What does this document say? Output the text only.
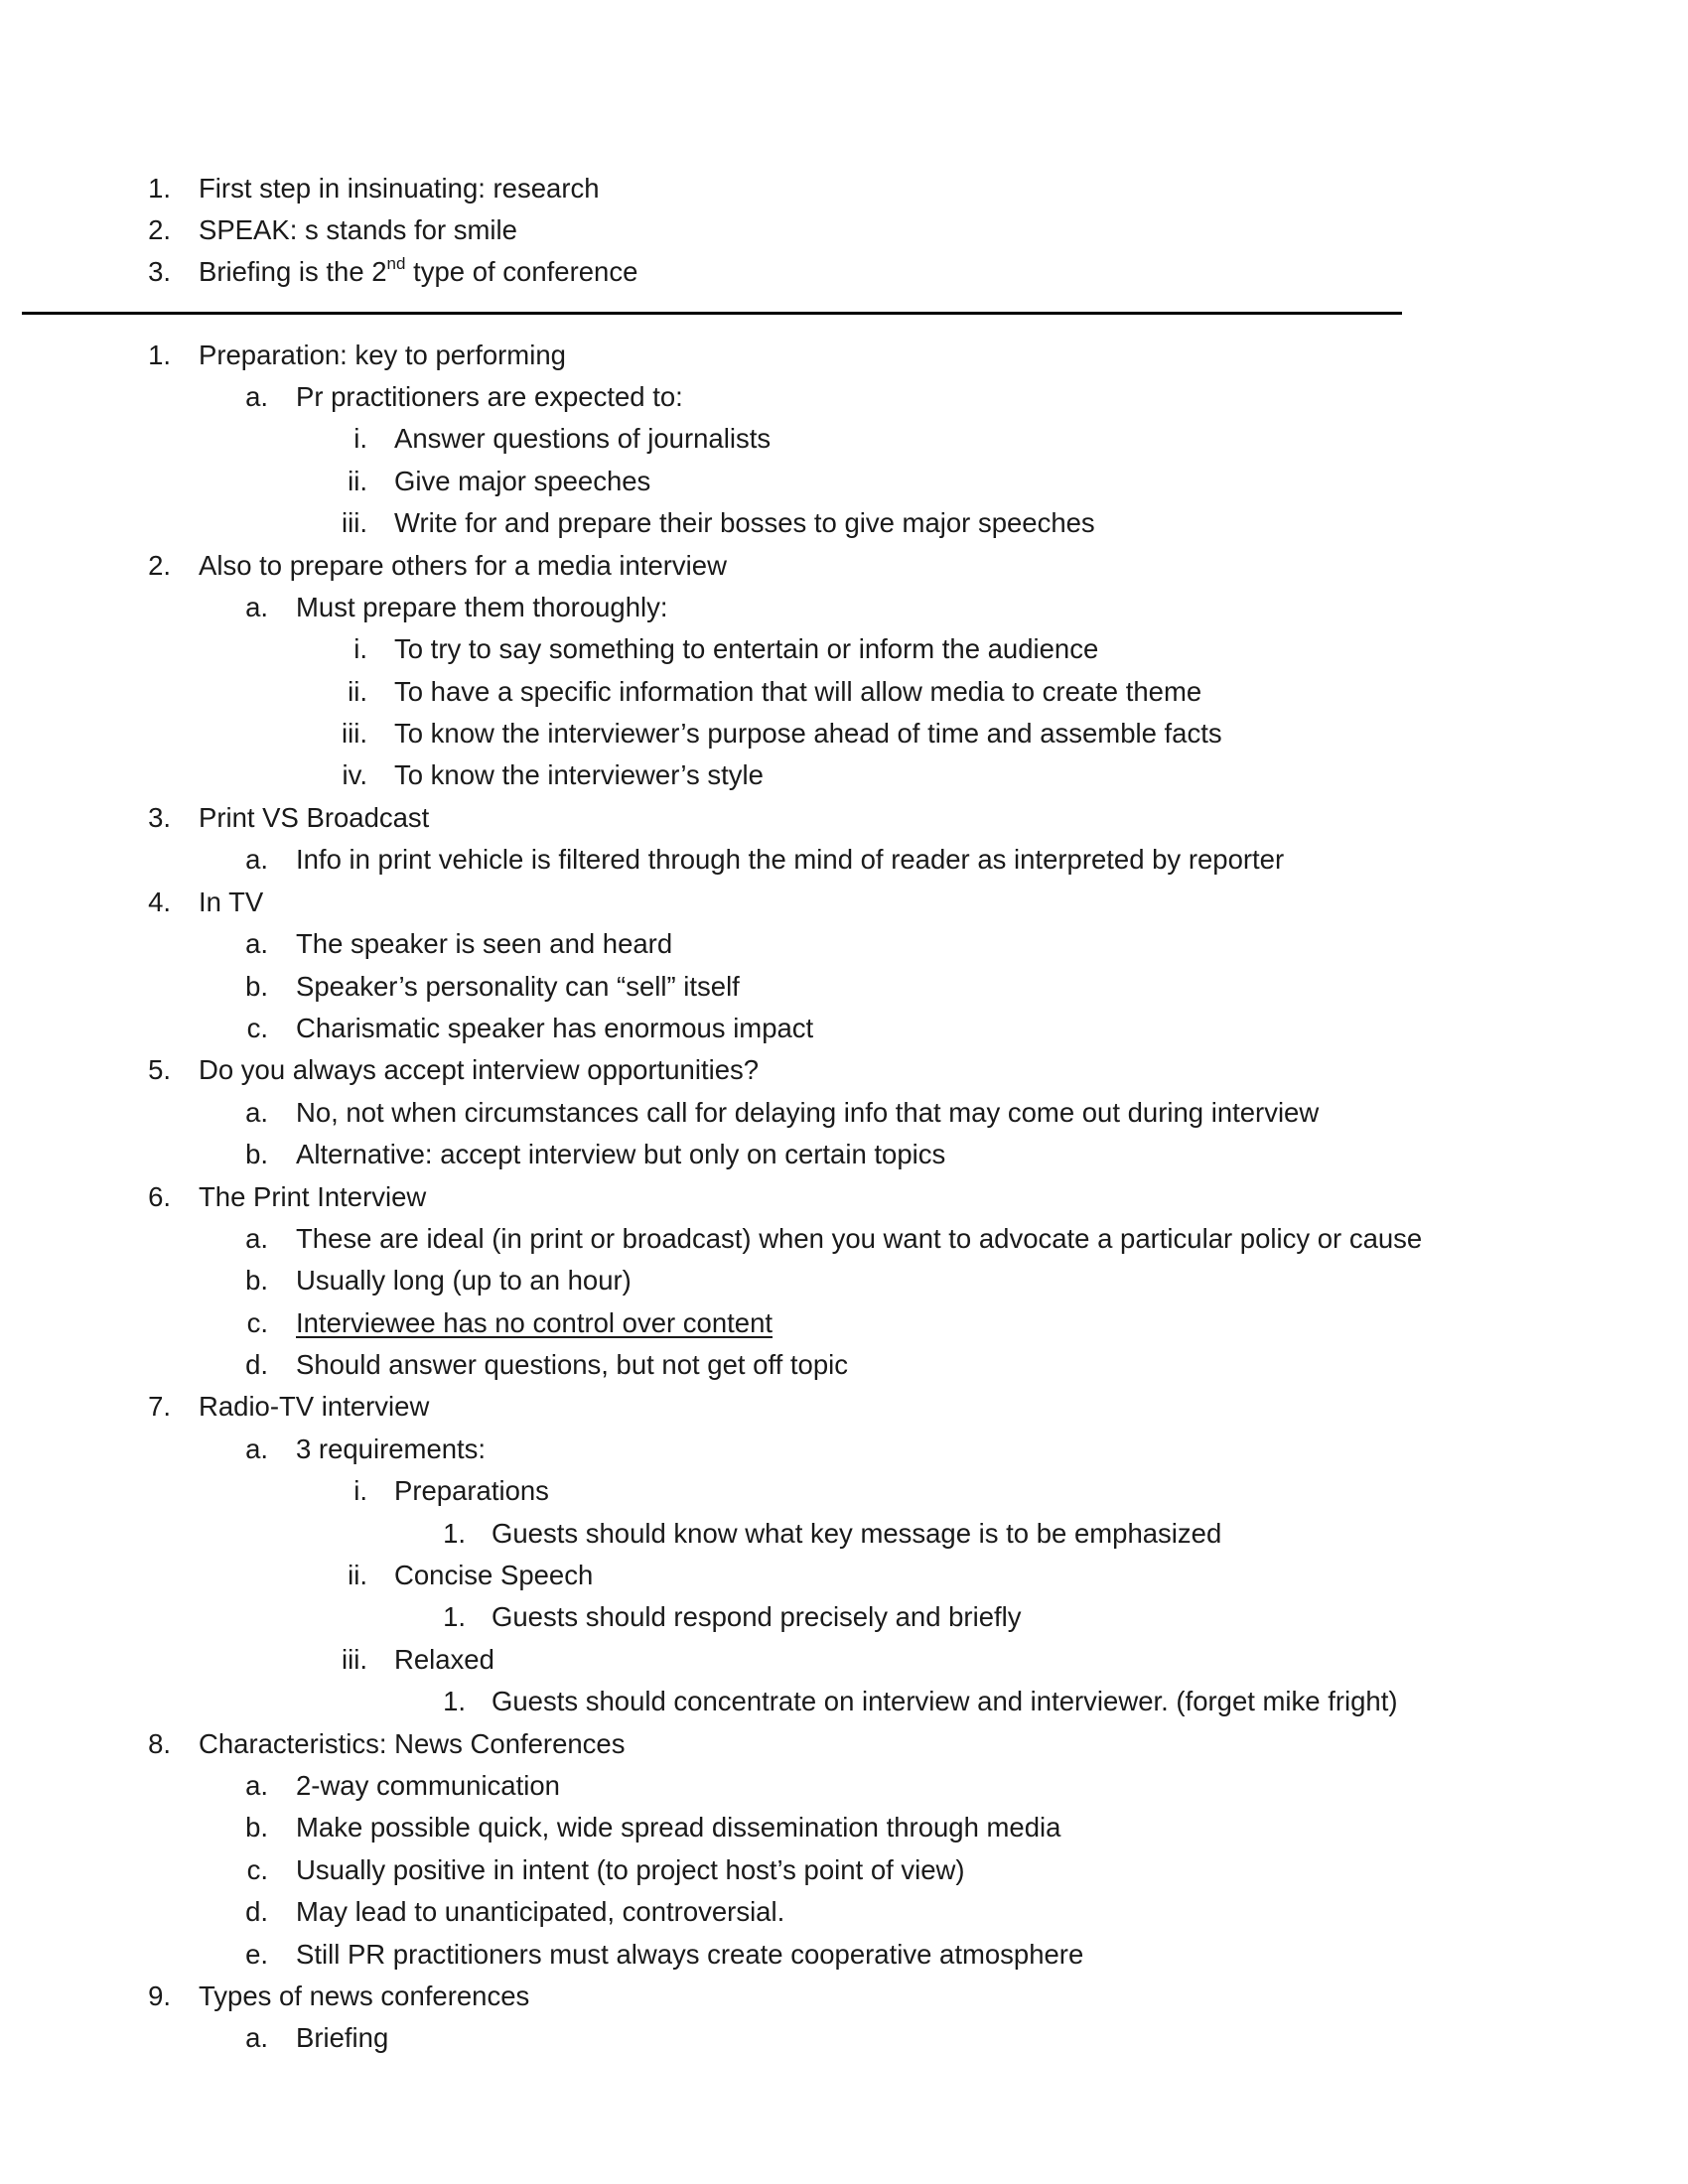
1. First step in insinuating: research
2. SPEAK: s stands for smile
3. Briefing is the 2nd type of conference
1. Preparation: key to performing
a. Pr practitioners are expected to:
i. Answer questions of journalists
ii. Give major speeches
iii. Write for and prepare their bosses to give major speeches
2. Also to prepare others for a media interview
a. Must prepare them thoroughly:
i. To try to say something to entertain or inform the audience
ii. To have a specific information that will allow media to create theme
iii. To know the interviewer’s purpose ahead of time and assemble facts
iv. To know the interviewer’s style
3. Print VS Broadcast
a. Info in print vehicle is filtered through the mind of reader as interpreted by reporter
4. In TV
a. The speaker is seen and heard
b. Speaker’s personality can “sell” itself
c. Charismatic speaker has enormous impact
5. Do you always accept interview opportunities?
a. No, not when circumstances call for delaying info that may come out during interview
b. Alternative: accept interview but only on certain topics
6. The Print Interview
a. These are ideal (in print or broadcast) when you want to advocate a particular policy or cause
b. Usually long (up to an hour)
c. Interviewee has no control over content
d. Should answer questions, but not get off topic
7. Radio-TV interview
a. 3 requirements:
i. Preparations
1. Guests should know what key message is to be emphasized
ii. Concise Speech
1. Guests should respond precisely and briefly
iii. Relaxed
1. Guests should concentrate on interview and interviewer. (forget mike fright)
8. Characteristics: News Conferences
a. 2-way communication
b. Make possible quick, wide spread dissemination through media
c. Usually positive in intent (to project host’s point of view)
d. May lead to unanticipated, controversial.
e. Still PR practitioners must always create cooperative atmosphere
9. Types of news conferences
a. Briefing
